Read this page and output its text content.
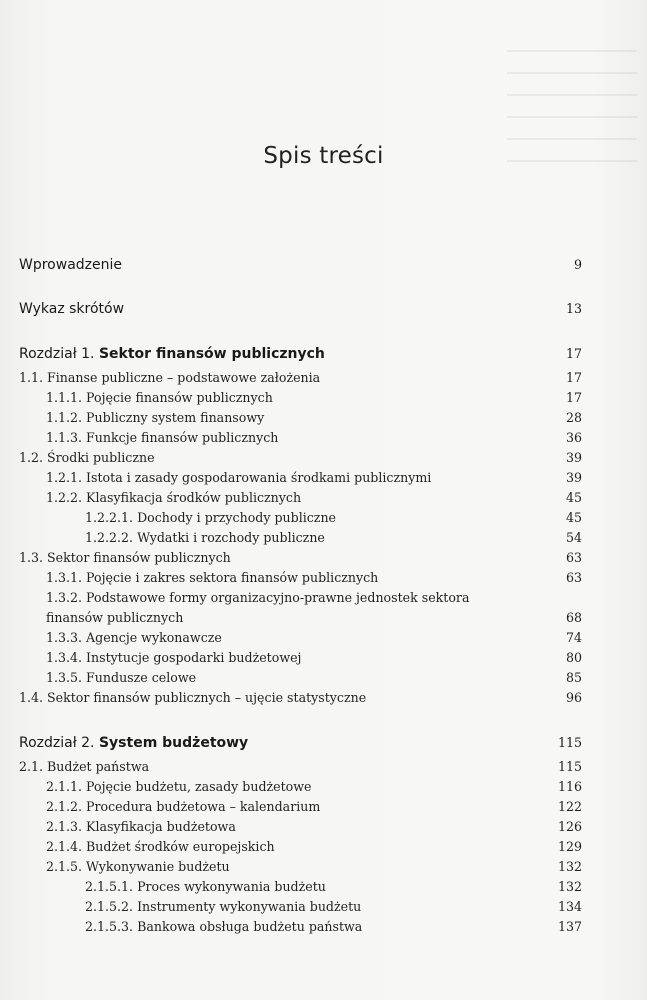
Spis treści
Wprowadzenie	9
Wykaz skrótów	13
Rozdział 1. Sektor finansów publicznych	17
1.1. Finanse publiczne – podstawowe założenia	17
1.1.1. Pojęcie finansów publicznych	17
1.1.2. Publiczny system finansowy	28
1.1.3. Funkcje finansów publicznych	36
1.2. Środki publiczne	39
1.2.1. Istota i zasady gospodarowania środkami publicznymi	39
1.2.2. Klasyfikacja środków publicznych	45
1.2.2.1. Dochody i przychody publiczne	45
1.2.2.2. Wydatki i rozchody publiczne	54
1.3. Sektor finansów publicznych	63
1.3.1. Pojęcie i zakres sektora finansów publicznych	63
1.3.2. Podstawowe formy organizacyjno-prawne jednostek sektora finansów publicznych	68
1.3.3. Agencje wykonawcze	74
1.3.4. Instytucje gospodarki budżetowej	80
1.3.5. Fundusze celowe	85
1.4. Sektor finansów publicznych – ujęcie statystyczne	96
Rozdział 2. System budżetowy	115
2.1. Budżet państwa	115
2.1.1. Pojęcie budżetu, zasady budżetowe	116
2.1.2. Procedura budżetowa – kalendarium	122
2.1.3. Klasyfikacja budżetowa	126
2.1.4. Budżet środków europejskich	129
2.1.5. Wykonywanie budżetu	132
2.1.5.1. Proces wykonywania budżetu	132
2.1.5.2. Instrumenty wykonywania budżetu	134
2.1.5.3. Bankowa obsługa budżetu państwa	137
